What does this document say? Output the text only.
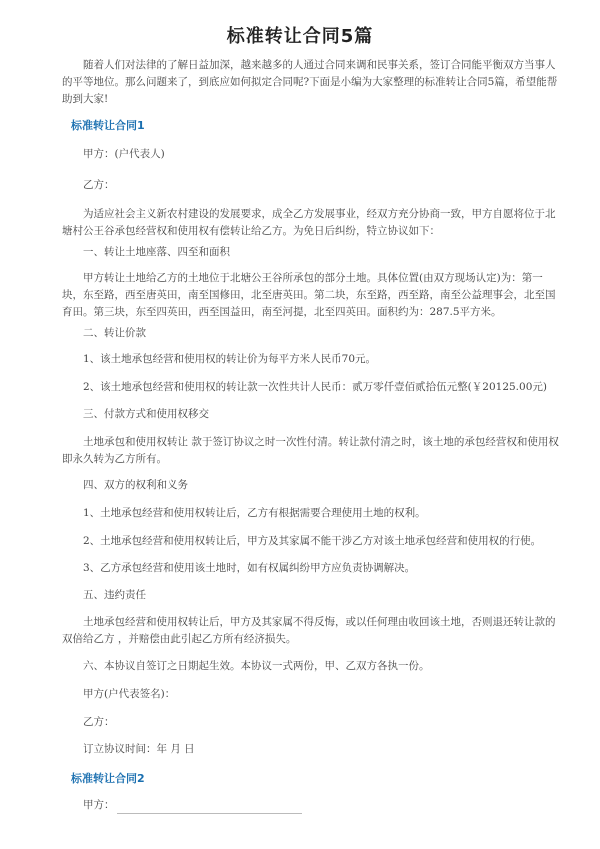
标准转让合同5篇

随着人们对法律的了解日益加深，越来越多的人通过合同来调和民事关系，签订合同能平衡双方当事人的平等地位。那么问题来了，到底应如何拟定合同呢?下面是小编为大家整理的标准转让合同5篇，希望能帮助到大家!

标准转让合同1

甲方：(户代表人)

乙方：

为适应社会主义新农村建设的发展要求，成全乙方发展事业，经双方充分协商一致，甲方自愿将位于北塘村公王谷承包经营权和使用权有偿转让给乙方。为免日后纠纷，特立协议如下：

一、转让土地座落、四至和面积

甲方转让土地给乙方的土地位于北塘公王谷所承包的部分土地。具体位置(由双方现场认定)为：第一块，东至路，西至唐英田，南至国修田，北至唐英田。第二块，东至路，西至路，南至公益理事会，北至国育田。第三块，东至四英田，西至国益田，南至河提，北至四英田。面积约为：287.5平方米。

二、转让价款

1、该土地承包经营和使用权的转让价为每平方米人民币70元。

2、该土地承包经营和使用权的转让款一次性共计人民币：贰万零仟壹佰贰拾伍元整(￥20125.00元)

三、付款方式和使用权移交

土地承包和使用权转让 款于签订协议之时一次性付清。转让款付清之时，该土地的承包经营权和使用权即永久转为乙方所有。

四、双方的权利和义务

1、土地承包经营和使用权转让后，乙方有根据需要合理使用土地的权利。

2、土地承包经营和使用权转让后，甲方及其家属不能干涉乙方对该土地承包经营和使用权的行使。

3、乙方承包经营和使用该土地时，如有权属纠纷甲方应负责协调解决。

五、违约责任

土地承包经营和使用权转让后，甲方及其家属不得反悔，或以任何理由收回该土地，否则退还转让款的双倍给乙方 ，并赔偿由此引起乙方所有经济损失。

六、本协议自签订之日期起生效。本协议一式两份，甲、乙双方各执一份。

甲方(户代表签名)：

乙方：

订立协议时间：年 月 日

标准转让合同2

甲方：
